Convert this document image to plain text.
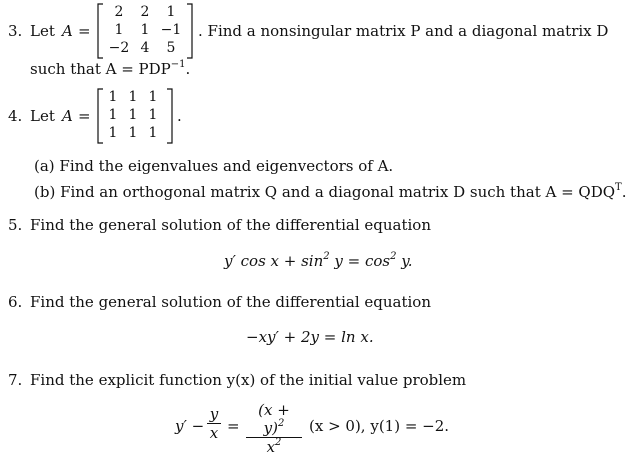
3. Let A =
2	2	1
1	1 −1
−2 4	5
. Find a nonsingular matrix P and a diagonal matrix D
such that $A = PDP^{-1}$.
4. Let A =
1 1 1
1 1 1
1 1 1
.
(a) Find the eigenvalues and eigenvectors of A.
(b) Find an orthogonal matrix Q and a diagonal matrix D such that $A = QDQ^T$.
5. Find the general solution of the differential equation
y′ $\cos x + \sin^2 y = \cos^2 y$.
6. Find the general solution of the differential equation
−xy′ + 2y = ln x.
7. Find the explicit function y(x) of the initial value problem
$y' - \frac{y}{x} = \frac{(x + y)^2}{x^2} (x > 0)$, y(1) = −2.
